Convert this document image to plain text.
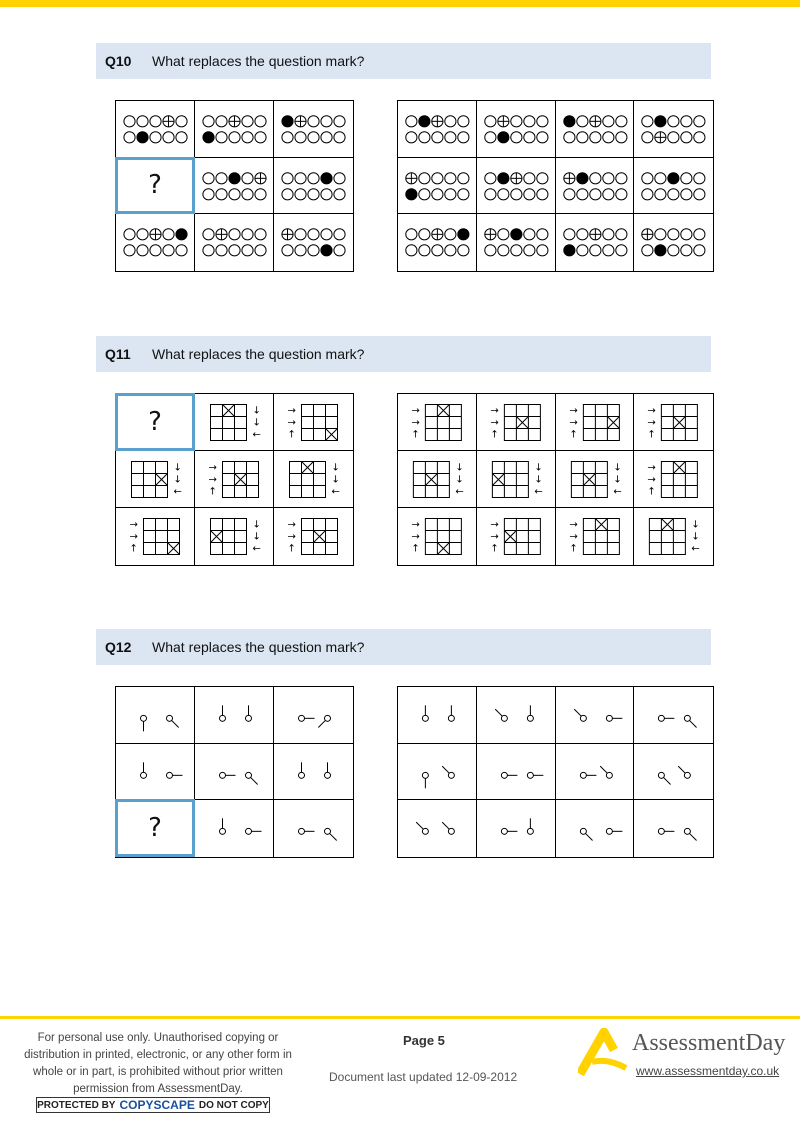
Q10 What replaces the question mark?
?
Q11 What replaces the question mark?
?	↓
↓
←
→
→
↑
↓
↓
←
→
→
↑
↓
↓
←
→
→
↑
↓
↓
←
→
→
↑
→
→
↑
→
→
↑
→
→
↑
→
→
↑
↓
↓
←
↓
↓
←
↓
↓
←
→
→
↑
→
→
↑
→
→
↑
→
→
↑
↓
↓
←
Q12 What replaces the question mark?
?
For personal use only. Unauthorised copying or distribution in printed, electronic, or any other form in whole or in part, is prohibited without prior written permission from AssessmentDay.
PROTECTED BY COPYSCAPE DO NOT COPY
Page 5
Document last updated 12-09-2012
AssessmentDay
www.assessmentday.co.uk
